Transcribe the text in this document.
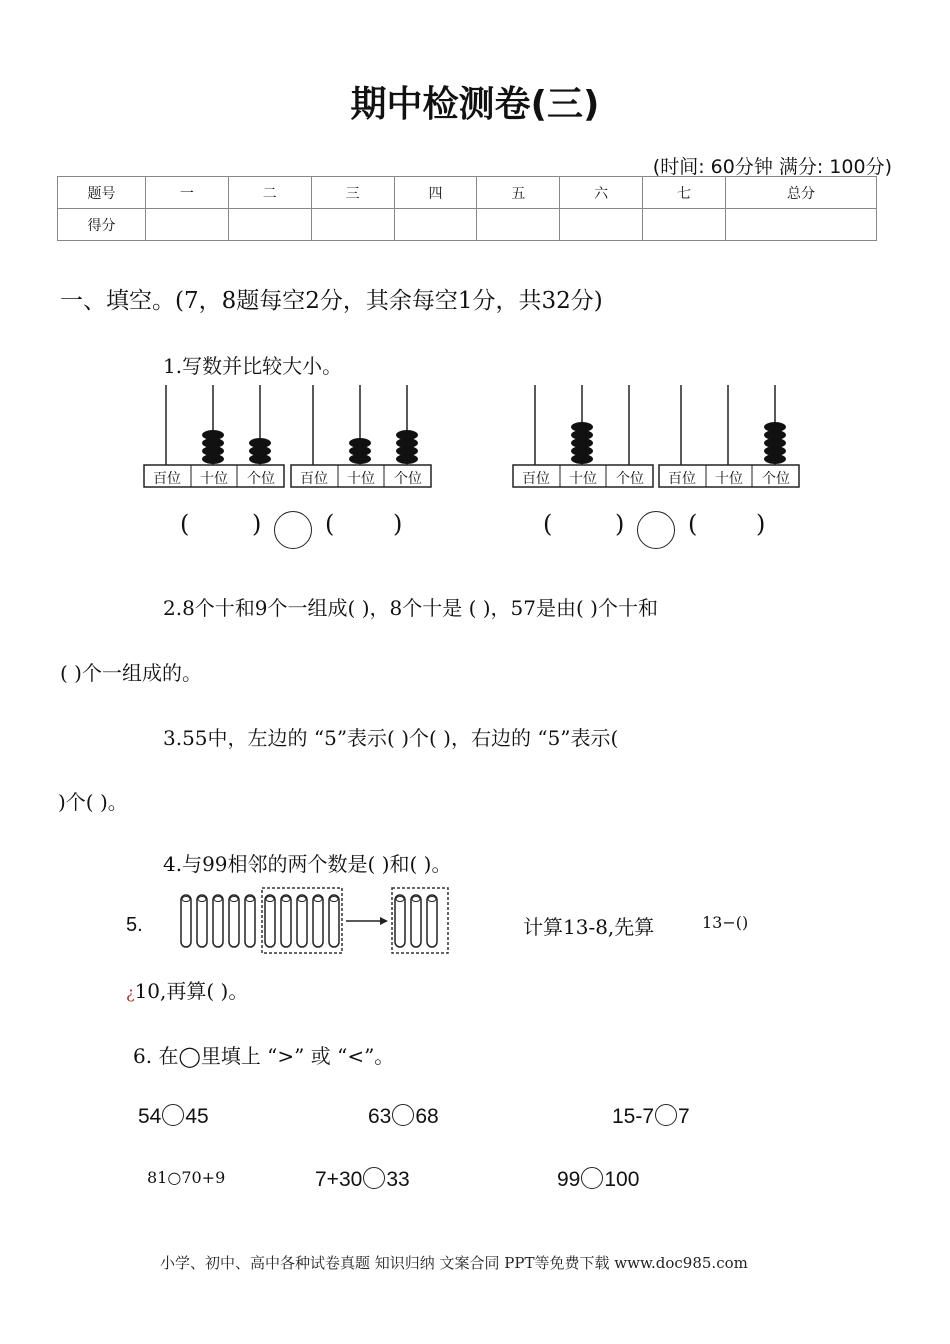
期中检测卷(三)
(时间: 60分钟 满分: 100分)
题号	一	二	三	四	五	六	七	总分
得分								
一、填空。(7，8题每空2分，其余每空1分，共32分)
1.写数并比较大小。
百位	十位	个位	百位	十位	个位	百位	十位	个位	百位	十位	个位
(	)	( )	(	)	( )
2.8个十和9个一组成( )，8个十是 ( )，57是由( )个十和
( )个一组成的。
3.55中，左边的 “5”表示( )个( )，右边的 “5”表示(
)个( )。
4.与99相邻的两个数是( )和( )。
5.	计算13-8,先算	13−()
¿10,再算( )。
6. 在◯里填上 “>” 或 “<”。
54 45	63 68	15-7 7
7+30 33	99 100
81○70+9
小学、初中、高中各种试卷真题 知识归纳 文案合同 PPT等免费下载 www.doc985.com
